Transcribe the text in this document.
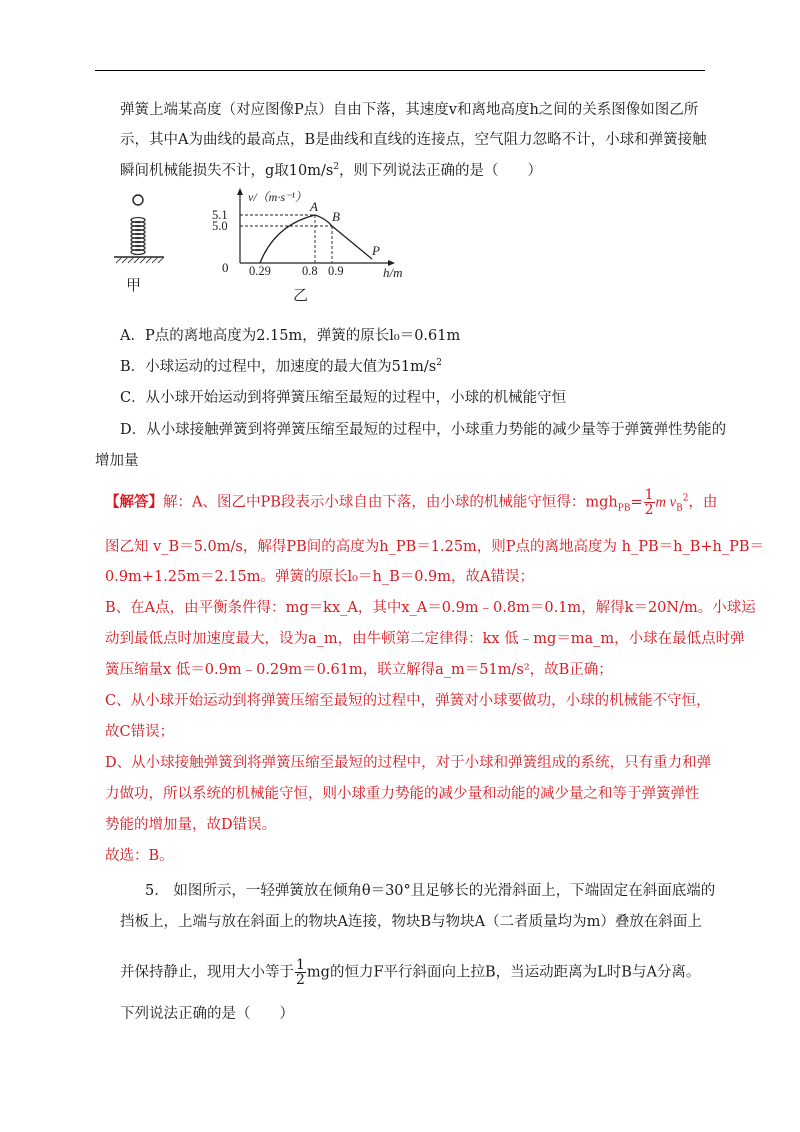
弹簧上端某高度（对应图像P点）自由下落，其速度v和离地高度h之间的关系图像如图乙所
示，其中A为曲线的最高点，B是曲线和直线的连接点，空气阻力忽略不计，小球和弹簧接触
瞬间机械能损失不计，g取$10m/s^2$，则下列说法正确的是（　　）
甲
v/（m·s⁻¹）
h/m
0
5.1
5.0
A
B
P
0.29 0.8 0.9
乙
A．P点的离地高度为2.15m，弹簧的原长l₀＝0.61m
B．小球运动的过程中，加速度的最大值为$51m/s^2$
C．从小球开始运动到将弹簧压缩至最短的过程中，小球的机械能守恒
D．从小球接触弹簧到将弹簧压缩至最短的过程中，小球重力势能的减少量等于弹簧弹性势能的
增加量
【解答】解：A、图乙中PB段表示小球自由下落，由小球的机械能守恒得：$mgh_{PB}= \frac{1}{2}$ m $v_B^2$，由
图乙知 v_B＝5.0m/s，解得PB间的高度为h_PB＝1.25m，则P点的离地高度为 h_PB＝h_B+h_PB＝
0.9m+1.25m＝2.15m。弹簧的原长l₀＝h_B＝0.9m，故A错误；
B、在A点，由平衡条件得：mg＝kx_A，其中x_A＝0.9m﹣0.8m＝0.1m，解得k＝20N/m。小球运
动到最低点时加速度最大，设为a_m，由牛顿第二定律得：kx 低﹣mg＝ma_m，小球在最低点时弹
簧压缩量x 低＝0.9m﹣0.29m＝0.61m，联立解得a_m＝51m/s²，故B正确；
C、从小球开始运动到将弹簧压缩至最短的过程中，弹簧对小球要做功，小球的机械能不守恒，
故C错误；
D、从小球接触弹簧到将弹簧压缩至最短的过程中，对于小球和弹簧组成的系统，只有重力和弹
力做功，所以系统的机械能守恒，则小球重力势能的减少量和动能的减少量之和等于弹簧弹性
势能的增加量，故D错误。
故选：B。
5.　如图所示，一轻弹簧放在倾角θ＝30°且足够长的光滑斜面上，下端固定在斜面底端的
挡板上，上端与放在斜面上的物块A连接，物块B与物块A（二者质量均为m）叠放在斜面上
并保持静止，现用大小等于 $\frac{1}{2}$ mg的恒力F平行斜面向上拉B，当运动距离为L时B与A分离。
下列说法正确的是（　　）
